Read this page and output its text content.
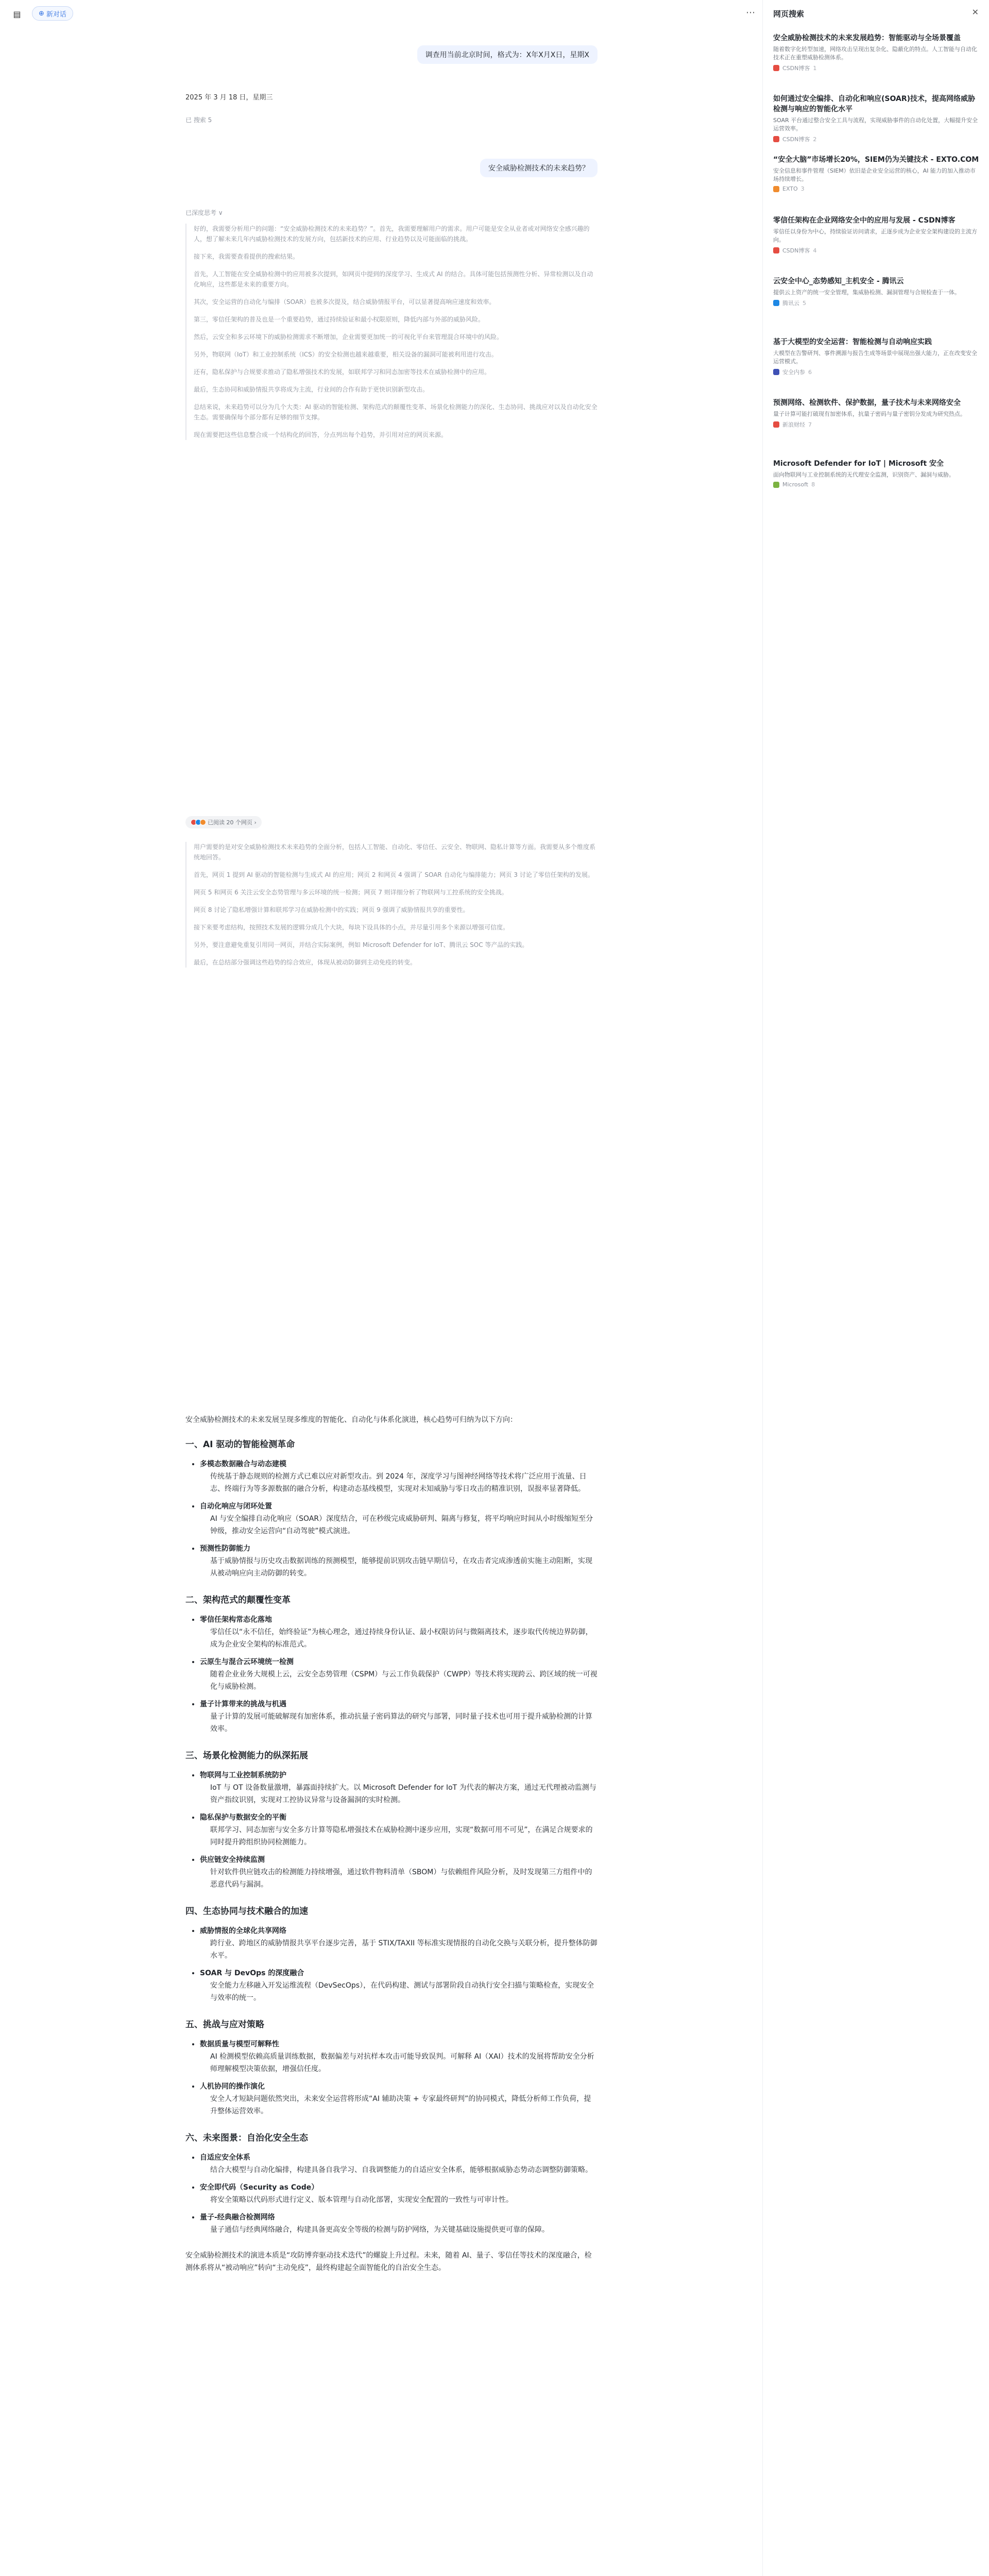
▤	⊕ 新对话	⋯
调查用当前北京时间，格式为：X年X月X日，星期X
2025 年 3 月 18 日，星期三
已 搜索 5
安全威胁检测技术的未来趋势？
已深度思考 ∨

好的，我需要分析用户的问题：“安全威胁检测技术的未来趋势？”。首先，我需要理解用户的需求。用户可能是安全从业者或对网络安全感兴趣的人，想了解未来几年内威胁检测技术的发展方向，包括新技术的应用、行业趋势以及可能面临的挑战。

接下来，我需要查看提供的搜索结果。

首先，人工智能在安全威胁检测中的应用被多次提到，如网页中提到的深度学习、生成式 AI 的结合。具体可能包括预测性分析、异常检测以及自动化响应，这些都是未来的重要方向。

其次，安全运营的自动化与编排（SOAR）也被多次提及，结合威胁情报平台，可以显著提高响应速度和效率。

第三，零信任架构的普及也是一个重要趋势，通过持续验证和最小权限原则，降低内部与外部的威胁风险。

然后，云安全和多云环境下的威胁检测需求不断增加，企业需要更加统一的可视化平台来管理混合环境中的风险。

另外，物联网（IoT）和工业控制系统（ICS）的安全检测也越来越重要，相关设备的漏洞可能被利用进行攻击。

还有，隐私保护与合规要求推动了隐私增强技术的发展，如联邦学习和同态加密等技术在威胁检测中的应用。

最后，生态协同和威胁情报共享将成为主流，行业间的合作有助于更快识别新型攻击。

总结来说，未来趋势可以分为几个大类：AI 驱动的智能检测、架构范式的颠覆性变革、场景化检测能力的深化、生态协同、挑战应对以及自动化安全生态。需要确保每个部分都有足够的细节支撑。

现在需要把这些信息整合成一个结构化的回答，分点列出每个趋势，并引用对应的网页来源。

已阅读 20 个网页 ›

用户需要的是对安全威胁检测技术未来趋势的全面分析，包括人工智能、自动化、零信任、云安全、物联网、隐私计算等方面。我需要从多个维度系统地回答。

首先，网页 1 提到 AI 驱动的智能检测与生成式 AI 的应用；网页 2 和网页 4 强调了 SOAR 自动化与编排能力；网页 3 讨论了零信任架构的发展。

网页 5 和网页 6 关注云安全态势管理与多云环境的统一检测；网页 7 则详细分析了物联网与工控系统的安全挑战。

网页 8 讨论了隐私增强计算和联邦学习在威胁检测中的实践；网页 9 强调了威胁情报共享的重要性。

接下来要考虑结构，按照技术发展的逻辑分成几个大块，每块下设具体的小点，并尽量引用多个来源以增强可信度。

另外，要注意避免重复引用同一网页，并结合实际案例，例如 Microsoft Defender for IoT、腾讯云 SOC 等产品的实践。

最后，在总结部分强调这些趋势的综合效应，体现从被动防御到主动免疫的转变。

安全威胁检测技术的未来发展呈现多维度的智能化、自动化与体系化演进，核心趋势可归纳为以下方向：

一、AI 驱动的智能检测革命
多模态数据融合与动态建模
传统基于静态规则的检测方式已难以应对新型攻击。到 2024 年，深度学习与图神经网络等技术将广泛应用于流量、日志、终端行为等多源数据的融合分析，构建动态基线模型，实现对未知威胁与零日攻击的精准识别，误报率显著降低。
自动化响应与闭环处置
AI 与安全编排自动化响应（SOAR）深度结合，可在秒级完成威胁研判、隔离与修复，将平均响应时间从小时级缩短至分钟级，推动安全运营向“自动驾驶”模式演进。
预测性防御能力
基于威胁情报与历史攻击数据训练的预测模型，能够提前识别攻击链早期信号，在攻击者完成渗透前实施主动阻断，实现从被动响应向主动防御的转变。
二、架构范式的颠覆性变革
零信任架构常态化落地
零信任以“永不信任，始终验证”为核心理念，通过持续身份认证、最小权限访问与微隔离技术，逐步取代传统边界防御，成为企业安全架构的标准范式。
云原生与混合云环境统一检测
随着企业业务大规模上云，云安全态势管理（CSPM）与云工作负载保护（CWPP）等技术将实现跨云、跨区域的统一可视化与威胁检测。
量子计算带来的挑战与机遇
量子计算的发展可能破解现有加密体系，推动抗量子密码算法的研究与部署，同时量子技术也可用于提升威胁检测的计算效率。
三、场景化检测能力的纵深拓展
物联网与工业控制系统防护
IoT 与 OT 设备数量激增，暴露面持续扩大。以 Microsoft Defender for IoT 为代表的解决方案，通过无代理被动监测与资产指纹识别，实现对工控协议异常与设备漏洞的实时检测。
隐私保护与数据安全的平衡
联邦学习、同态加密与安全多方计算等隐私增强技术在威胁检测中逐步应用，实现“数据可用不可见”，在满足合规要求的同时提升跨组织协同检测能力。
供应链安全持续监测
针对软件供应链攻击的检测能力持续增强，通过软件物料清单（SBOM）与依赖组件风险分析，及时发现第三方组件中的恶意代码与漏洞。
四、生态协同与技术融合的加速
威胁情报的全球化共享网络
跨行业、跨地区的威胁情报共享平台逐步完善，基于 STIX/TAXII 等标准实现情报的自动化交换与关联分析，提升整体防御水平。
SOAR 与 DevOps 的深度融合
安全能力左移融入开发运维流程（DevSecOps），在代码构建、测试与部署阶段自动执行安全扫描与策略检查，实现安全与效率的统一。
五、挑战与应对策略
数据质量与模型可解释性
AI 检测模型依赖高质量训练数据，数据偏差与对抗样本攻击可能导致误判。可解释 AI（XAI）技术的发展将帮助安全分析师理解模型决策依据，增强信任度。
人机协同的操作演化
安全人才短缺问题依然突出，未来安全运营将形成“AI 辅助决策 + 专家最终研判”的协同模式，降低分析师工作负荷，提升整体运营效率。
六、未来图景：自治化安全生态
自适应安全体系
结合大模型与自动化编排，构建具备自我学习、自我调整能力的自适应安全体系，能够根据威胁态势动态调整防御策略。
安全即代码（Security as Code）
将安全策略以代码形式进行定义、版本管理与自动化部署，实现安全配置的一致性与可审计性。
量子-经典融合检测网络
量子通信与经典网络融合，构建具备更高安全等级的检测与防护网络，为关键基础设施提供更可靠的保障。

安全威胁检测技术的演进本质是“攻防博弈驱动技术迭代”的螺旋上升过程。未来，随着 AI、量子、零信任等技术的深度融合，检测体系将从“被动响应”转向“主动免疫”，最终构建起全面智能化的自治安全生态。

网页搜索	✕
安全威胁检测技术的未来发展趋势：智能驱动与全场景覆盖
随着数字化转型加速，网络攻击呈现出复杂化、隐蔽化的特点。人工智能与自动化技术正在重塑威胁检测体系。
CSDN博客 1
如何通过安全编排、自动化和响应(SOAR)技术，提高网络威胁检测与响应的智能化水平
SOAR 平台通过整合安全工具与流程，实现威胁事件的自动化处置，大幅提升安全运营效率。
CSDN博客 2
“安全大脑”市场增长20%，SIEM仍为关键技术 - EXTO.COM
安全信息和事件管理（SIEM）依旧是企业安全运营的核心，AI 能力的加入推动市场持续增长。
EXTO 3
零信任架构在企业网络安全中的应用与发展 - CSDN博客
零信任以身份为中心，持续验证访问请求，正逐步成为企业安全架构建设的主流方向。
CSDN博客 4
云安全中心_态势感知_主机安全 - 腾讯云
提供云上资产的统一安全管理，集威胁检测、漏洞管理与合规检查于一体。
腾讯云 5
基于大模型的安全运营：智能检测与自动响应实践
大模型在告警研判、事件溯源与报告生成等场景中展现出强大能力，正在改变安全运营模式。
安全内参 6
预测网络、检测软件、保护数据，量子技术与未来网络安全
量子计算可能打破现有加密体系，抗量子密码与量子密钥分发成为研究热点。
新浪财经 7
Microsoft Defender for IoT | Microsoft 安全
面向物联网与工业控制系统的无代理安全监测，识别资产、漏洞与威胁。
Microsoft 8
